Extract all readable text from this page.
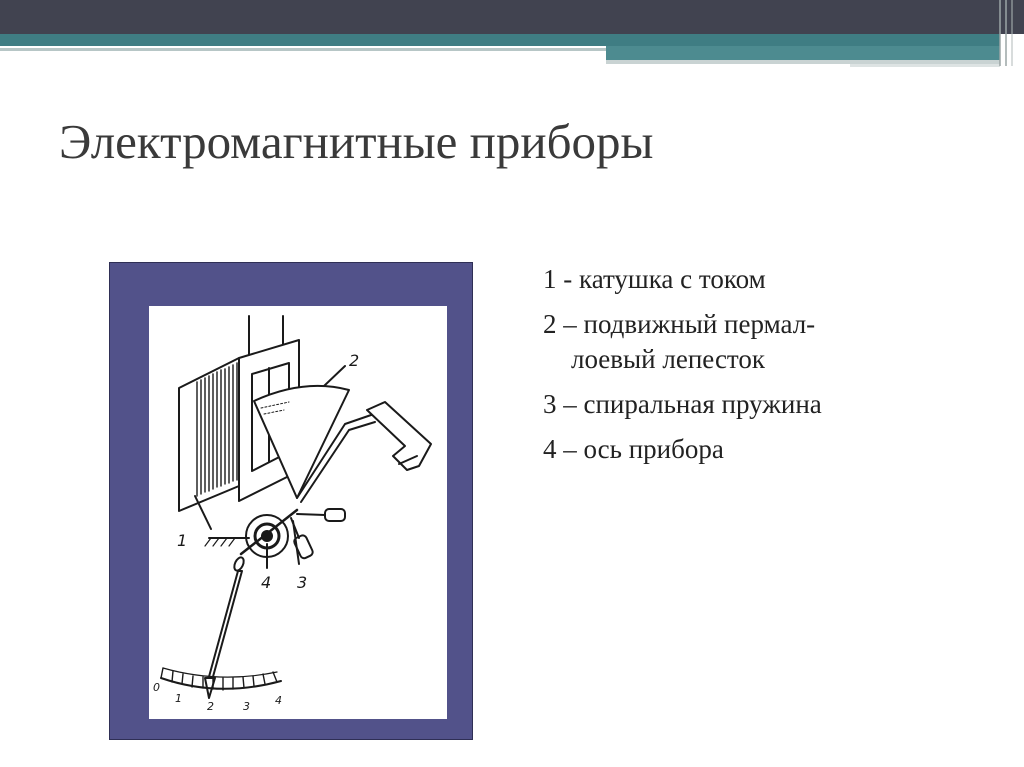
Электромагнитные приборы
1
2
3
4
0
1
2	3 4

1 - катушка с током

2 – подвижный пермал-
лоевый лепесток

3 – спиральная пружина

4 – ось прибора
